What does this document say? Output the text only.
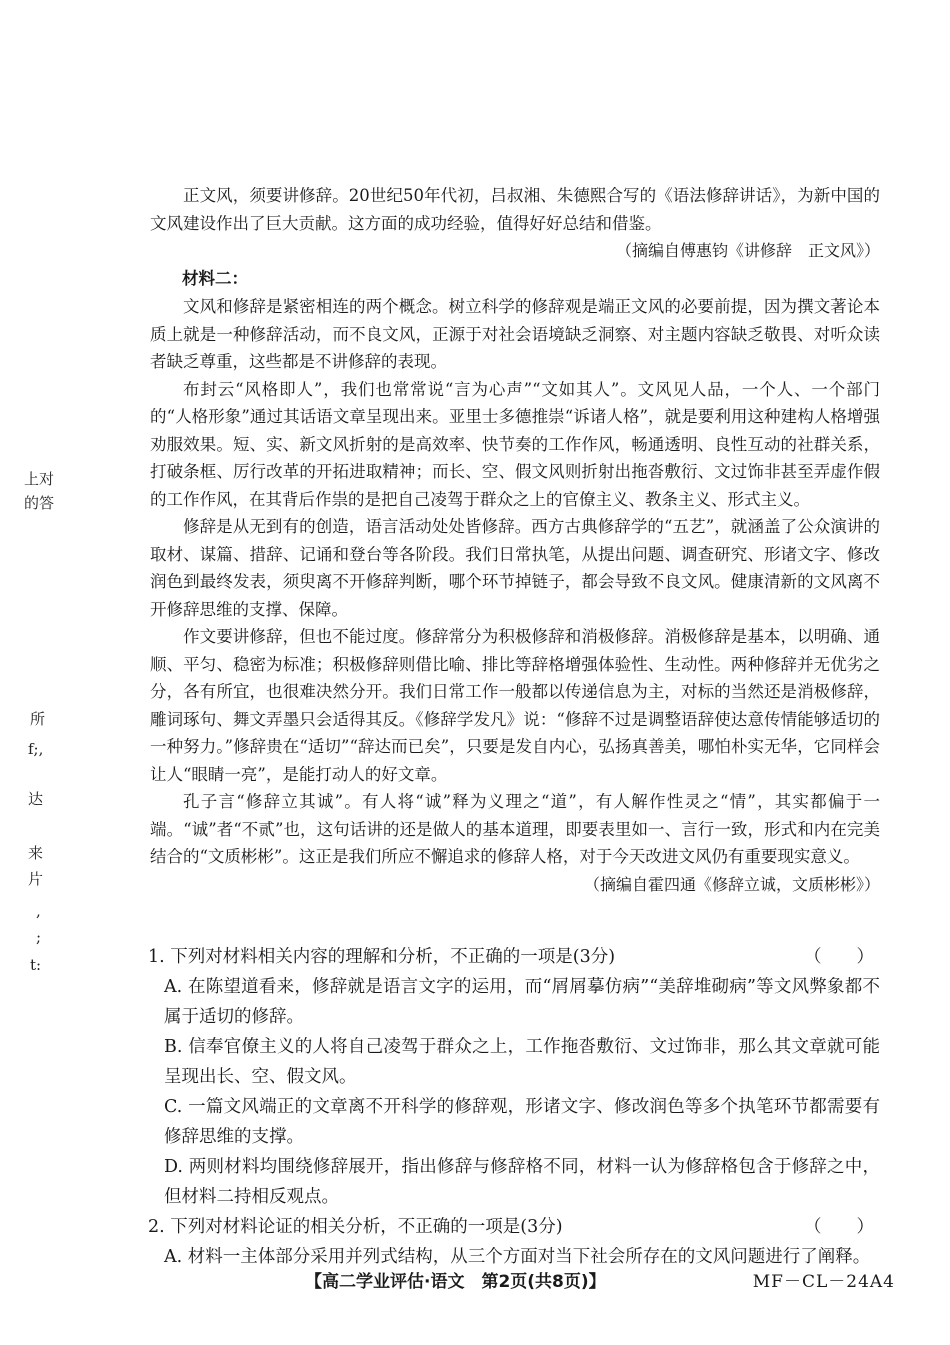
上对
的答
所
f;,
达
来
片
,
;
t:

正文风，须要讲修辞。20世纪50年代初，吕叔湘、朱德熙合写的《语法修辞讲话》，为新中国的文风建设作出了巨大贡献。这方面的成功经验，值得好好总结和借鉴。

（摘编自傅惠钧《讲修辞　正文风》）

材料二：

文风和修辞是紧密相连的两个概念。树立科学的修辞观是端正文风的必要前提，因为撰文著论本质上就是一种修辞活动，而不良文风，正源于对社会语境缺乏洞察、对主题内容缺乏敬畏、对听众读者缺乏尊重，这些都是不讲修辞的表现。

布封云“风格即人”，我们也常常说“言为心声”“文如其人”。文风见人品，一个人、一个部门的“人格形象”通过其话语文章呈现出来。亚里士多德推崇“诉诸人格”，就是要利用这种建构人格增强劝服效果。短、实、新文风折射的是高效率、快节奏的工作作风，畅通透明、良性互动的社群关系，打破条框、厉行改革的开拓进取精神；而长、空、假文风则折射出拖沓敷衍、文过饰非甚至弄虚作假的工作作风，在其背后作祟的是把自己凌驾于群众之上的官僚主义、教条主义、形式主义。

修辞是从无到有的创造，语言活动处处皆修辞。西方古典修辞学的“五艺”，就涵盖了公众演讲的取材、谋篇、措辞、记诵和登台等各阶段。我们日常执笔，从提出问题、调查研究、形诸文字、修改润色到最终发表，须臾离不开修辞判断，哪个环节掉链子，都会导致不良文风。健康清新的文风离不开修辞思维的支撑、保障。

作文要讲修辞，但也不能过度。修辞常分为积极修辞和消极修辞。消极修辞是基本，以明确、通顺、平匀、稳密为标准；积极修辞则借比喻、排比等辞格增强体验性、生动性。两种修辞并无优劣之分，各有所宜，也很难决然分开。我们日常工作一般都以传递信息为主，对标的当然还是消极修辞，雕词琢句、舞文弄墨只会适得其反。《修辞学发凡》说：“修辞不过是调整语辞使达意传情能够适切的一种努力。”修辞贵在“适切”“辞达而已矣”，只要是发自内心，弘扬真善美，哪怕朴实无华，它同样会让人“眼睛一亮”，是能打动人的好文章。

孔子言“修辞立其诚”。有人将“诚”释为义理之“道”，有人解作性灵之“情”，其实都偏于一端。“诚”者“不贰”也，这句话讲的还是做人的基本道理，即要表里如一、言行一致，形式和内在完美结合的“文质彬彬”。这正是我们所应不懈追求的修辞人格，对于今天改进文风仍有重要现实意义。

（摘编自霍四通《修辞立诚，文质彬彬》）

1. 下列对材料相关内容的理解和分析，不正确的一项是(3分)	（　　）

A. 在陈望道看来，修辞就是语言文字的运用，而“屑屑摹仿病”“美辞堆砌病”等文风弊象都不属于适切的修辞。

B. 信奉官僚主义的人将自己凌驾于群众之上，工作拖沓敷衍、文过饰非，那么其文章就可能呈现出长、空、假文风。

C. 一篇文风端正的文章离不开科学的修辞观，形诸文字、修改润色等多个执笔环节都需要有修辞思维的支撑。

D. 两则材料均围绕修辞展开，指出修辞与修辞格不同，材料一认为修辞格包含于修辞之中，但材料二持相反观点。

2. 下列对材料论证的相关分析，不正确的一项是(3分)	（　　）

A. 材料一主体部分采用并列式结构，从三个方面对当下社会所存在的文风问题进行了阐释。

【高二学业评估·语文　第2页(共8页)】	MF－CL－24A4
